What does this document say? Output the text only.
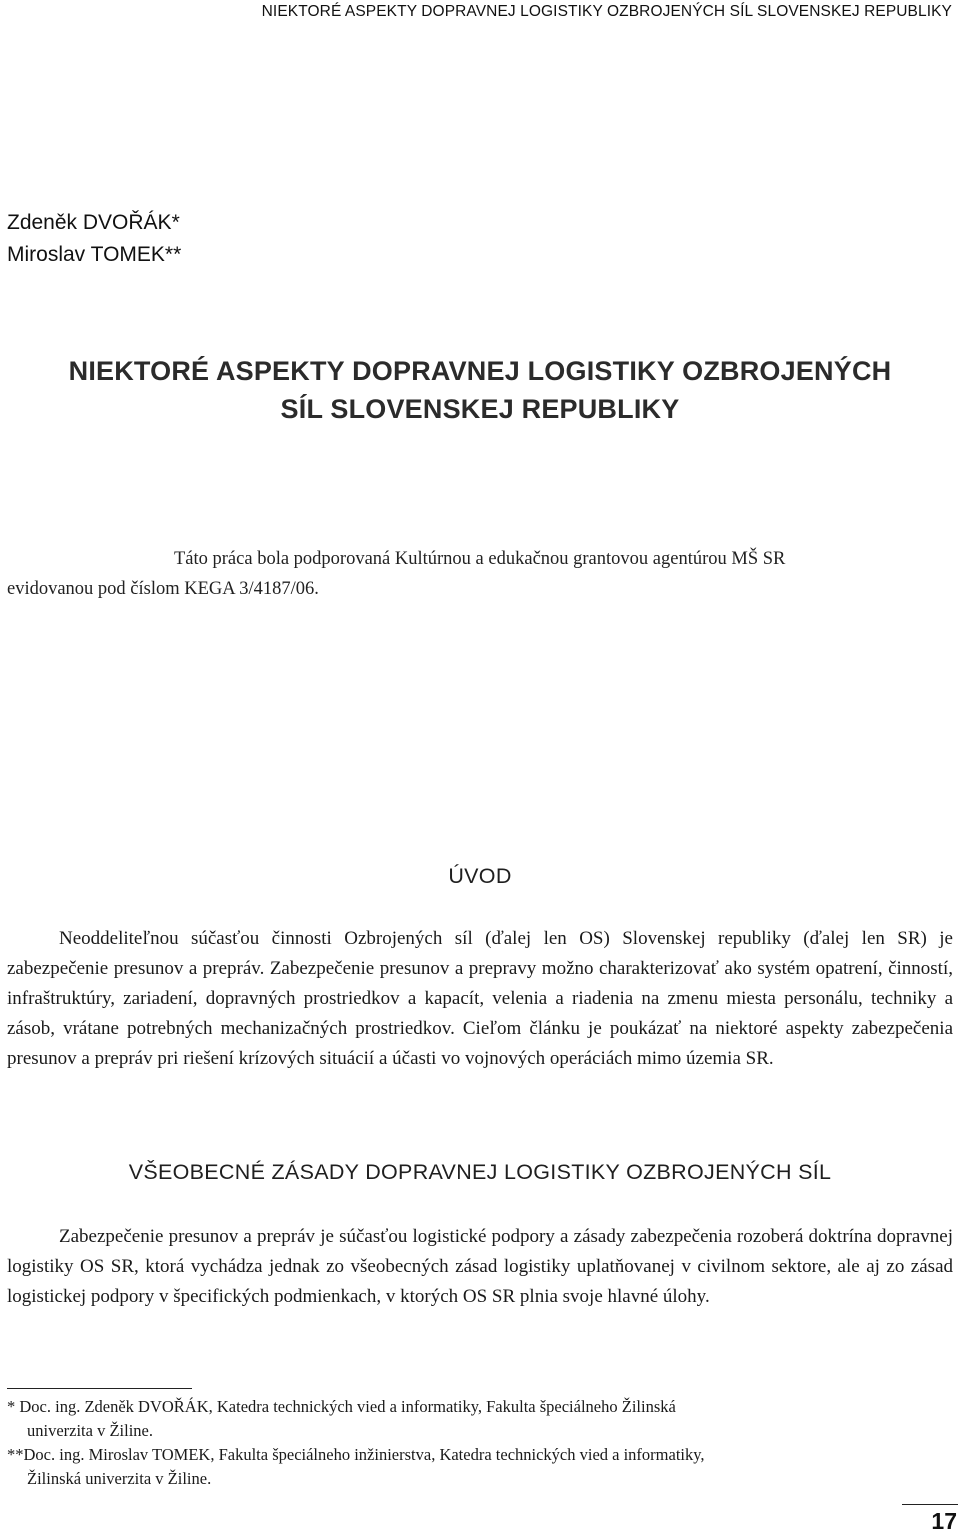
NIEKTORÉ ASPEKTY DOPRAVNEJ LOGISTIKY OZBROJENÝCH SÍL SLOVENSKEJ REPUBLIKY
Zdeněk DVOŘÁK*
Miroslav TOMEK**
NIEKTORÉ ASPEKTY DOPRAVNEJ LOGISTIKY OZBROJENÝCH
SÍL SLOVENSKEJ REPUBLIKY
Táto práca bola podporovaná Kultúrnou a edukačnou grantovou agentúrou MŠ SR
evidovanou pod číslom KEGA 3/4187/06.
ÚVOD
Neoddeliteľnou súčasťou činnosti Ozbrojených síl (ďalej len OS) Slovenskej republiky (ďalej len SR) je zabezpečenie presunov a prepráv. Zabezpečenie presunov a prepravy možno charakterizovať ako systém opatrení, činností, infraštruktúry, zariadení, dopravných prostriedkov a kapacít, velenia a riadenia na zmenu miesta personálu, techniky a zásob, vrátane potrebných mechanizačných prostriedkov. Cieľom článku je poukázať na niektoré aspekty zabezpečenia presunov a prepráv pri riešení krízových situácií a účasti vo vojnových operáciách mimo územia SR.
VŠEOBECNÉ ZÁSADY DOPRAVNEJ LOGISTIKY OZBROJENÝCH SÍL
Zabezpečenie presunov a prepráv je súčasťou logistické podpory a zásady zabezpečenia rozoberá doktrína dopravnej logistiky OS SR, ktorá vychádza jednak zo všeobecných zásad logistiky uplatňovanej v civilnom sektore, ale aj zo zásad logistickej podpory v špecifických podmienkach, v ktorých OS SR plnia svoje hlavné úlohy.
* Doc. ing. Zdeněk DVOŘÁK, Katedra technických vied a informatiky, Fakulta špeciálneho Žilinská
univerzita v Žiline.
**Doc. ing. Miroslav TOMEK, Fakulta špeciálneho inžinierstva, Katedra technických vied a informatiky,
Žilinská univerzita v Žiline.
17
